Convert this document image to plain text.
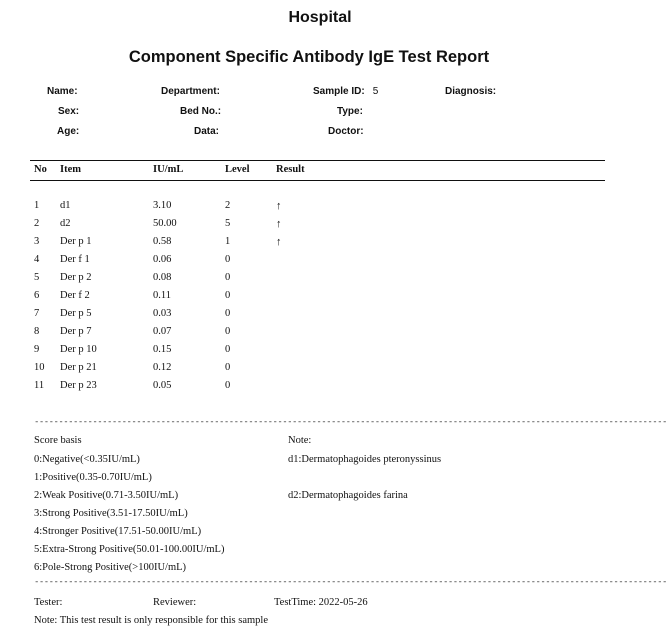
Hospital
Component Specific Antibody IgE Test Report
Name:	Department:	Sample ID: 5	Diagnosis:
Sex:	Bed No.:	Type:
Age:	Data:	Doctor:
No Item	IU/mL	Level	Result
1 d1	3.10	2	↑
2 d2	50.00	5	↑
3 Der p 1	0.58	1	↑
4 Der f 1	0.06	0
5 Der p 2	0.08	0
6 Der f 2	0.11	0
7 Der p 5	0.03	0
8 Der p 7	0.07	0
9 Der p 10	0.15	0
10 Der p 21	0.12	0
11 Der p 23	0.05	0
----------------------------------------------------------------------------------------------------------------------------------
Score basis
0:Negative(<0.35IU/mL)
1:Positive(0.35-0.70IU/mL)
2:Weak Positive(0.71-3.50IU/mL)
3:Strong Positive(3.51-17.50IU/mL)
4:Stronger Positive(17.51-50.00IU/mL)
5:Extra-Strong Positive(50.01-100.00IU/mL)
6:Pole-Strong Positive(>100IU/mL)
Note:
d1:Dermatophagoides pteronyssinus
d2:Dermatophagoides farina
----------------------------------------------------------------------------------------------------------------------------------
Tester:	Reviewer:	TestTime: 2022-05-26
Note: This test result is only responsible for this sample
